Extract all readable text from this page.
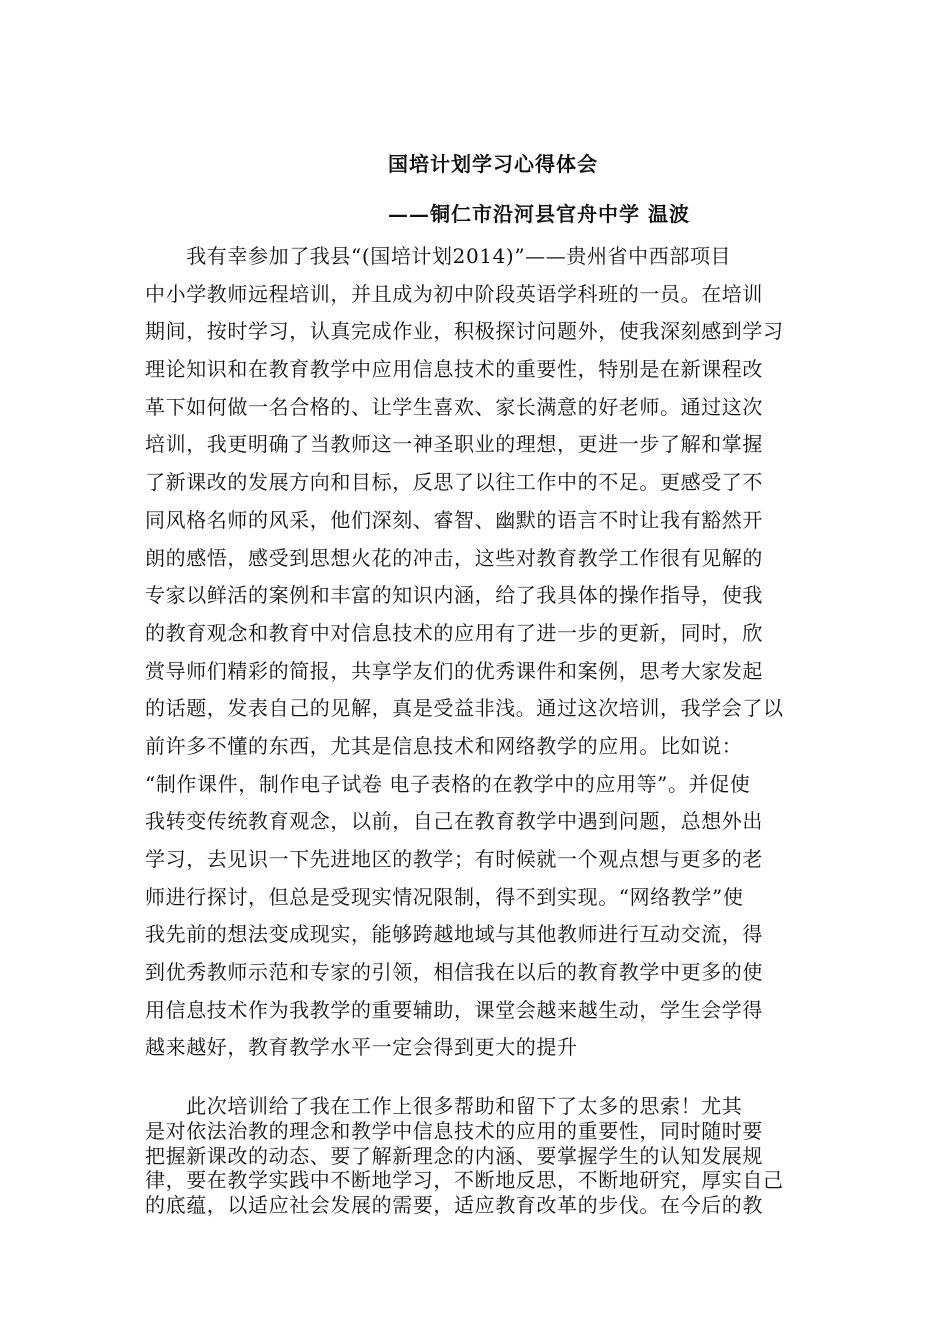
国培计划学习心得体会
——铜仁市沿河县官舟中学 温波
　　我有幸参加了我县“(国培计划2014)”——贵州省中西部项目
中小学教师远程培训，并且成为初中阶段英语学科班的一员。在培训
期间，按时学习，认真完成作业，积极探讨问题外，使我深刻感到学习
理论知识和在教育教学中应用信息技术的重要性，特别是在新课程改
革下如何做一名合格的、让学生喜欢、家长满意的好老师。通过这次
培训，我更明确了当教师这一神圣职业的理想，更进一步了解和掌握
了新课改的发展方向和目标，反思了以往工作中的不足。更感受了不
同风格名师的风采，他们深刻、睿智、幽默的语言不时让我有豁然开
朗的感悟，感受到思想火花的冲击，这些对教育教学工作很有见解的
专家以鲜活的案例和丰富的知识内涵，给了我具体的操作指导，使我
的教育观念和教育中对信息技术的应用有了进一步的更新，同时，欣
赏导师们精彩的简报，共享学友们的优秀课件和案例，思考大家发起
的话题，发表自己的见解，真是受益非浅。通过这次培训，我学会了以
前许多不懂的东西，尤其是信息技术和网络教学的应用。比如说：
“制作课件，制作电子试卷 电子表格的在教学中的应用等”。并促使
我转变传统教育观念，以前，自己在教育教学中遇到问题，总想外出
学习，去见识一下先进地区的教学；有时候就一个观点想与更多的老
师进行探讨，但总是受现实情况限制，得不到实现。“网络教学”使
我先前的想法变成现实，能够跨越地域与其他教师进行互动交流，得
到优秀教师示范和专家的引领，相信我在以后的教育教学中更多的使
用信息技术作为我教学的重要辅助，课堂会越来越生动，学生会学得
越来越好，教育教学水平一定会得到更大的提升
　　此次培训给了我在工作上很多帮助和留下了太多的思索！尤其
是对依法治教的理念和教学中信息技术的应用的重要性，同时随时要
把握新课改的动态、要了解新理念的内涵、要掌握学生的认知发展规
律，要在教学实践中不断地学习，不断地反思，不断地研究，厚实自己
的底蕴，以适应社会发展的需要，适应教育改革的步伐。在今后的教
